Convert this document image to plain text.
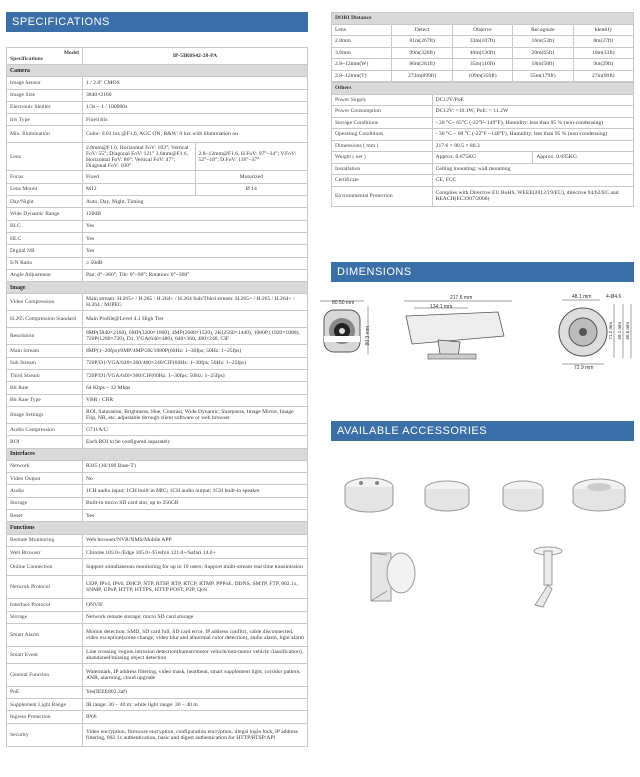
SPECIFICATIONS
Model
Specifications	IP-5IR8S42-28-PA	
Camera		
Image Sensor	1 / 2.8" CMOS	
Image Size	3840×2160	
Electronic Shutter	1/3s ~ 1 / 100000s	
Iris Type	Fixed Iris	
Min. Illumination	Color: 0.01 lux @F1.6, AGC ON; B&W: 0 lux with illumination on	
Lens	2.8mm@F1.6, Horizontal FoV: 103°; Vertical FoV: 55°; Diagonal FoV: 121° 3.6mm@F1.6, Horizontal FoV: 86°; Vertical FoV: 47°; Diagonal FoV: 100°	2.8~12mm@F1.6, H.FoV: 97°~34°; V.FoV: 52°~18°; D.FoV: 116°~37°
Focus	Fixed	Motorized
Lens Mount	M12	Ø 14
Day/Night	Auto, Day, Night, Timing	
Wide Dynamic Range	120dB	
BLC	Yes	
HLC	Yes	
Digital NR	Yes	
S/N Ratio	≥ 50dB	
Angle Adjustment	Pan: 0°~360°; Tilt: 0°~90°; Rotation: 0°~360°	
Image		
Video Compression	Main stream: H.265+ / H.265 / H.264+ / H.264 Sub/Third stream: H.265+ / H.265 / H.264+ / H.264 / MJPEG	
H.265 Compression Standard	Main Profile@Level 4.1 High Tier	
Resolution	8MP(3840×2160), 6MP(3200×1800), 4MP(2688×1520), 2K(2560×1440), 1080P (1920×1080), 720P(1280×720), D1, VGA(640×480), 640×360, 480×240, CIF	
Main Stream	8MP(1~20fps)/6MP/4MP/2K/1080P(60Hz: 1~30fps; 50Hz: 1~25fps)	
Sub Stream	720P/D1/VGA/640×360/480×240/CIF(60Hz: 1~30fps; 50Hz: 1~25fps)	
Third Stream	720P/D1/VGA/640×360/CIF(60Hz: 1~30fps; 50Hz: 1~25fps)	
Bit Rate	64 Kbps ~ 12 Mbps	
Bit Rate Type	VBR / CBR	
Image Settings	ROI, Saturation, Brightness, Hue, Contrast, Wide Dynamic, Sharpness, Image Mirror, Image Flip, NR, etc. adjustable through client software or web browser	
Audio Compression	G711A/U	
ROI	Each ROI to be configured separately	
Interfaces		
Network	RJ45 (10/100 Base-T)	
Video Output	No	
Audio	1CH audio input; 1CH built-in MIC; 1CH audio output; 1CH built-in speaker	
Storage	Built-in micro SD card slot, up to 256GB	
Reset	Yes	
Functions		
Remote Monitoring	Web browser/NVR/NMS/Mobile APP	
Web Browser	Chrome 105.0+/Edge 105.0+/Firefox 121.0+/Safari 14.0+	
Online Connection	Support simultaneous monitoring for up to 10 users; Support multi-stream real time transmission	
Network Protocol	UDP, IPv4, IPv6, DHCP, NTP, RTSP, RTP, RTCP, RTMP, PPPoE, DDNS, SMTP, FTP, 802.1x, SNMP, UPnP, HTTP, HTTPS, HTTP POST, P2P, QoS	
Interface Protocol	ONVIF	
Storage	Network remote storage; micro SD card storage	
Smart Alarm	Motion detection, SMD, SD card full, SD card error, IP address conflict, cable disconnected, video exception(scene change, video blur and abnormal color detection), audio alarm, light alarm	
Smart Event	Line crossing /region intrusion detection(human/motor vehicle/non-motor vehicle classification), abandoned/missing object detection	
General Function	Watermark, IP address filtering, video mask, heartbeat, smart supplement light, corridor pattern, ANR, alarming, cloud upgrade	
PoE	Yes(IEEE802.3af)	
Supplement Light Range	IR range: 30 ~ 40 m; white light range: 30 ~ 40 m	
Ingress Protection	IP66	
Security	Video encryption, firmware encryption, configuration encryption, illegal login lock, IP address filtering, 802.1x authentication, basic and digest authentication for HTTP/RTSP/API	
DORI Distance				
Lens	Detect	Observe	Recognize	Identify
2.8mm	81m(267ft)	33m(107ft)	16m(53ft)	8m(27ft)
3.6mm	99m(326ft)	40m(130ft)	20m(65ft)	10m(33ft)
2.8~12mm(W)	86m(281ft)	35m(116ft)	18m(58ft)	9m(29ft)
2.8~12mm(T)	273m(899ft)	109m(359ft)	55m(179ft)	27m(90ft)
Others		
Power Supply	DC12V/PoE	
Power Consumption	DC12V: <10.1W; PoE: < 11.2W	
Storage Conditions	- 30 °C~ 65°C (-22°F~149°F), Humidity: less than 95 % (non-condensing)	
Operating Conditions	- 30 °C ~ 60 °C (-22°F ~140°F), Humidity: less than 95 % (non-condensing)	
Dimensions ( mm )	217.6 × 80.5 × 80.3	
Weight ( net )	Approx. 0.675KG	Approx. 0.695KG
Installation	Ceiling mounting; wall mounting	
Certificate	CE, FCC	
Environmental Protection	Complies with Directive EU RoHS, WEEE(2012/19/EU), directive 94/62/EC and REACH(EC1907/2006)	
DIMENSIONS
80.50 mm
217.6 mm
134.1 mm
80.3 mm
48.1 mm	4-Ø4.6
72.9 mm
71.2 mm 58.1 mm 66.6 mm
AVAILABLE ACCESSORIES
